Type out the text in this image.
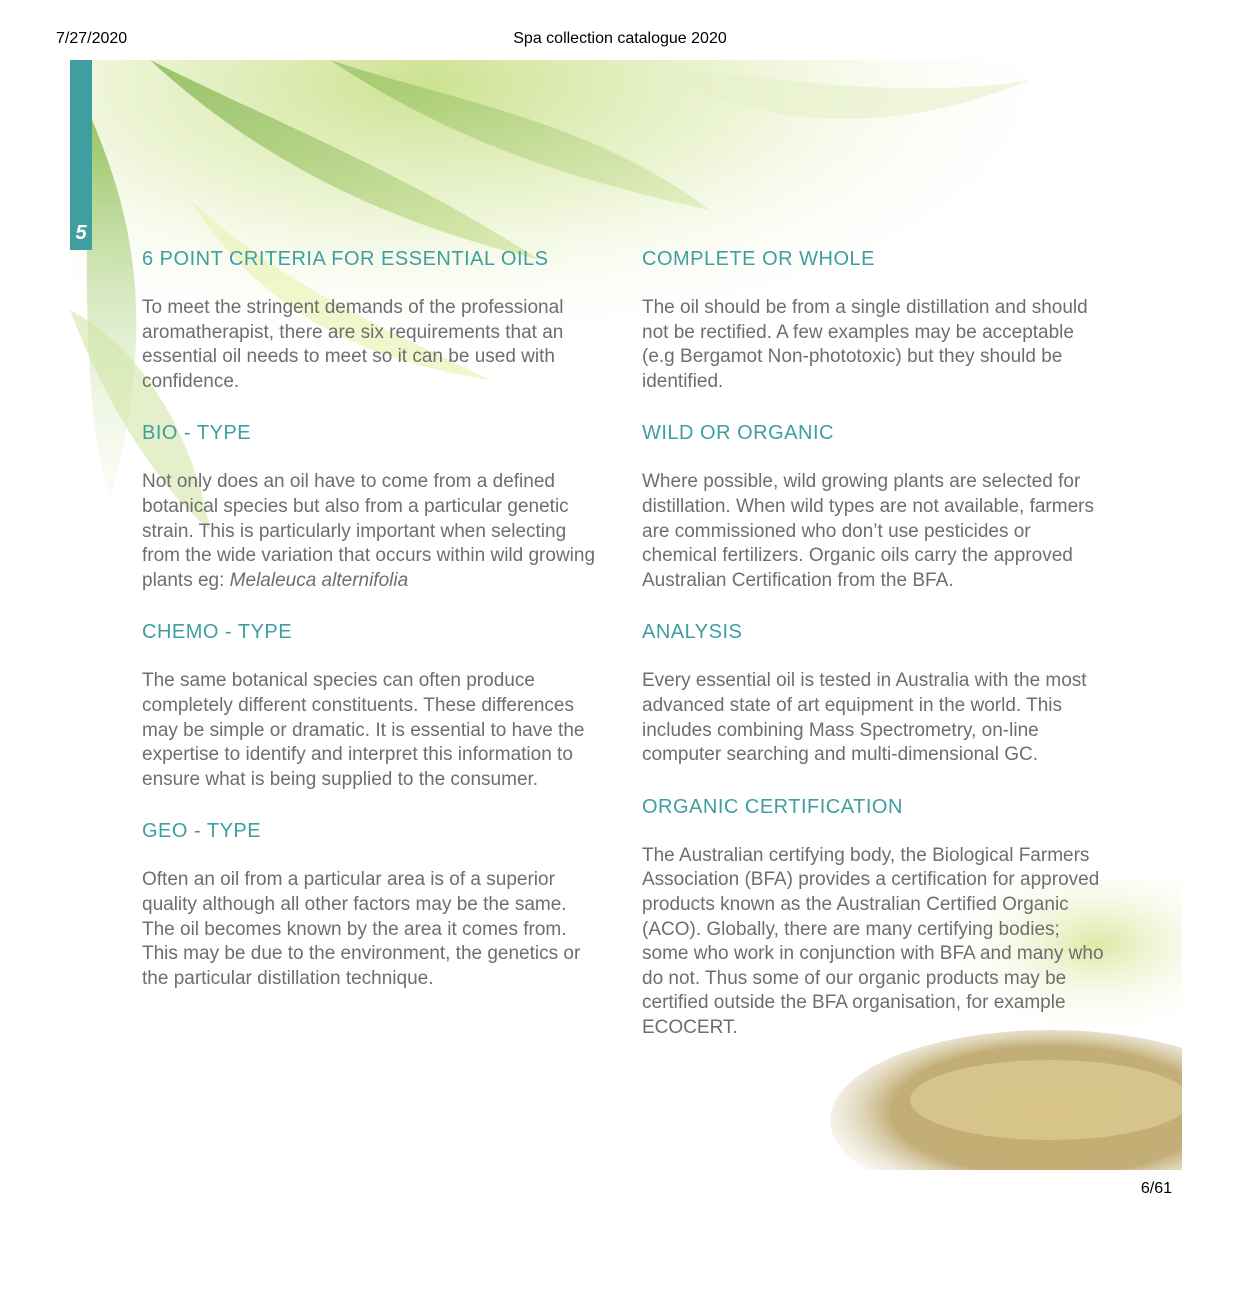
7/27/2020	Spa collection catalogue 2020
5
6 POINT CRITERIA FOR ESSENTIAL OILS

To meet the stringent demands of the professional aromatherapist, there are six requirements that an essential oil needs to meet so it can be used with confidence.

BIO - TYPE

Not only does an oil have to come from a defined botanical species but also from a particular genetic strain. This is particularly important when selecting from the wide variation that occurs within wild growing plants eg: Melaleuca alternifolia

CHEMO - TYPE

The same botanical species can often produce completely different constituents. These differences may be simple or dramatic. It is essential to have the expertise to identify and interpret this information to ensure what is being supplied to the consumer.

GEO - TYPE

Often an oil from a particular area is of a superior quality although all other factors may be the same. The oil becomes known by the area it comes from. This may be due to the environment, the genetics or the particular distillation technique.

COMPLETE OR WHOLE

The oil should be from a single distillation and should not be rectified. A few examples may be acceptable (e.g Bergamot Non-phototoxic) but they should be identified.

WILD OR ORGANIC

Where possible, wild growing plants are selected for distillation. When wild types are not available, farmers are commissioned who don’t use pesticides or chemical fertilizers. Organic oils carry the approved Australian Certification from the BFA.

ANALYSIS

Every essential oil is tested in Australia with the most advanced state of art equipment in the world. This includes combining Mass Spectrometry, on-line computer searching and multi-dimensional GC.

ORGANIC CERTIFICATION

The Australian certifying body, the Biological Farmers Association (BFA) provides a certification for approved products known as the Australian Certified Organic (ACO). Globally, there are many certifying bodies; some who work in conjunction with BFA and many who do not. Thus some of our organic products may be certified outside the BFA organisation, for example ECOCERT.

6/61
